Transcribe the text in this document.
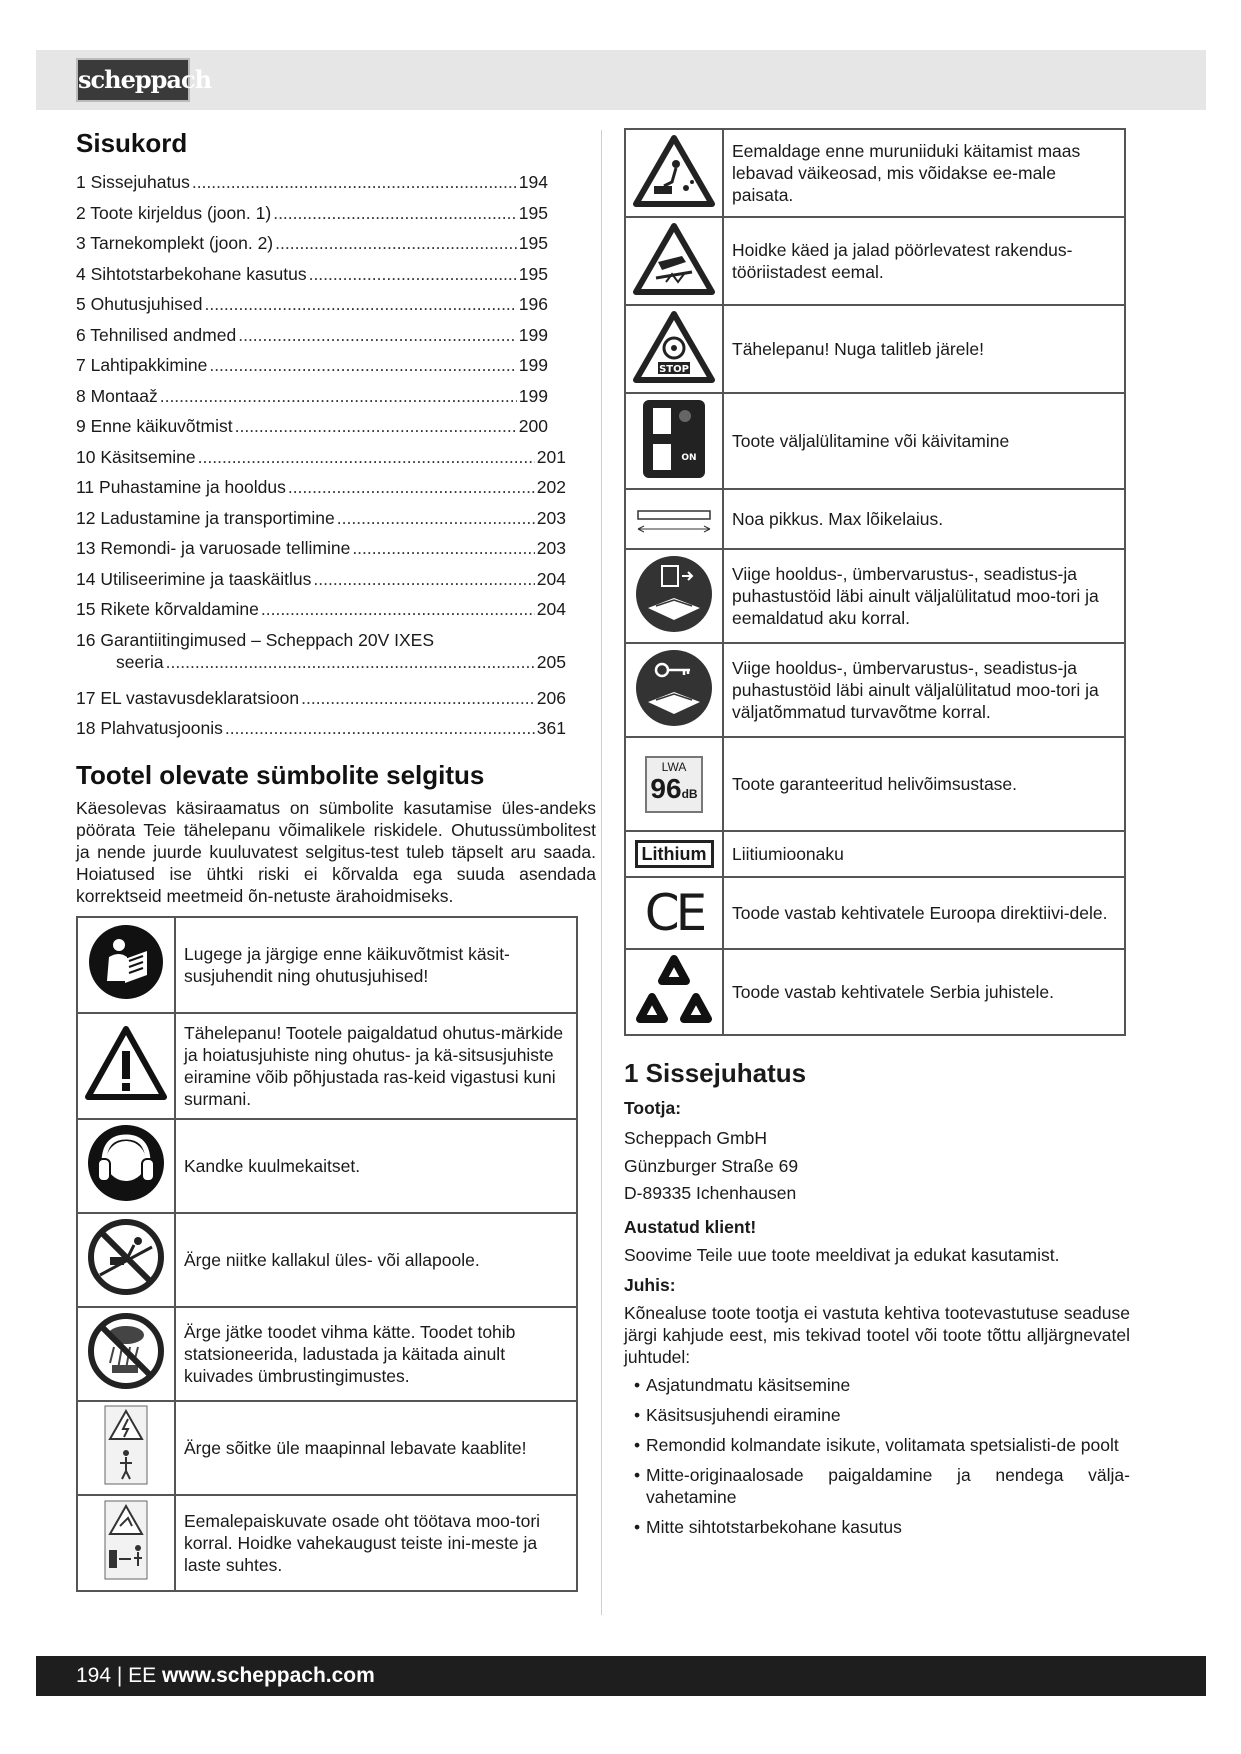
scheppach
Sisukord
1 Sissejuhatus .....	194
2 Toote kirjeldus (joon. 1) .....	195
3 Tarnekomplekt (joon. 2) .....	195
4 Sihtotstarbekohane kasutus .....	195
5 Ohutusjuhised .....	196
6 Tehnilised andmed .....	199
7 Lahtipakkimine .....	199
8 Montaaž .....	199
9 Enne käikuvõtmist .....	200
10 Käsitsemine .....	201
11 Puhastamine ja hooldus .....	202
12 Ladustamine ja transportimine .....	203
13 Remondi- ja varuosade tellimine .....	203
14 Utiliseerimine ja taaskäitlus .....	204
15 Rikete kõrvaldamine .....	204
16 Garantiitingimused – Scheppach 20V IXES
seeria .....	205
17 EL vastavusdeklaratsioon .....	206
18 Plahvatusjoonis .....	361
Tootel olevate sümbolite selgitus

Käesolevas käsiraamatus on sümbolite kasutamise üles-andeks pöörata Teie tähelepanu võimalikele riskidele. Ohutussümbolitest ja nende juurde kuuluvatest selgitus-test tuleb täpselt aru saada. Hoiatused ise ühtki riski ei kõrvalda ega suuda asendada korrektseid meetmeid õn-netuste ärahoidmiseks.

	Lugege ja järgige enne käikuvõtmist käsit-susjuhendit ning ohutusjuhised!
	Tähelepanu! Tootele paigaldatud ohutus-märkide ja hoiatusjuhiste ning ohutus- ja kä-sitsusjuhiste eiramine võib põhjustada ras-keid vigastusi kuni surmani.
	Kandke kuulmekaitset.
	Ärge niitke kallakul üles- või allapoole.
	Ärge jätke toodet vihma kätte. Toodet tohib statsioneerida, ladustada ja käitada ainult kuivades ümbrustingimustes.
	Ärge sõitke üle maapinnal lebavate kaablite!
	Eemalepaiskuvate osade oht töötava moo-tori korral. Hoidke vahekaugust teiste ini-meste ja laste suhtes.
	Eemaldage enne muruniiduki käitamist maas lebavad väikeosad, mis võidakse ee-male paisata.
	Hoidke käed ja jalad pöörlevatest rakendus-tööriistadest eemal.

STOP	Tähelepanu! Nuga talitleb järele!

ON	Toote väljalülitamine või käivitamine
	Noa pikkus. Max lõikelaius.
	Viige hooldus-, ümbervarustus-, seadistus-ja puhastustöid läbi ainult väljalülitatud moo-tori ja eemaldatud aku korral.
	Viige hooldus-, ümbervarustus-, seadistus-ja puhastustöid läbi ainult väljalülitatud moo-tori ja väljatõmmatud turvavõtme korral.

LWA
96dB	Toote garanteeritud helivõimsustase.
Lithium	Liitiumioonaku
CE	Toode vastab kehtivatele Euroopa direktiivi-dele.
	Toode vastab kehtivatele Serbia juhistele.
1 Sissejuhatus

Tootja:

Scheppach GmbH
Günzburger Straße 69
D-89335 Ichenhausen

Austatud klient!

Soovime Teile uue toote meeldivat ja edukat kasutamist.

Juhis:

Kõnealuse toote tootja ei vastuta kehtiva tootevastutuse seaduse järgi kahjude eest, mis tekivad tootel või toote tõttu alljärgnevatel juhtudel:

• Asjatundmatu käsitsemine
• Käsitsusjuhendi eiramine
• Remondid kolmandate isikute, volitamata spetsialisti-de poolt
• Mitte-originaalosade paigaldamine ja nendega välja-vahetamine
• Mitte sihtotstarbekohane kasutus
194 | EE www.scheppach.com
